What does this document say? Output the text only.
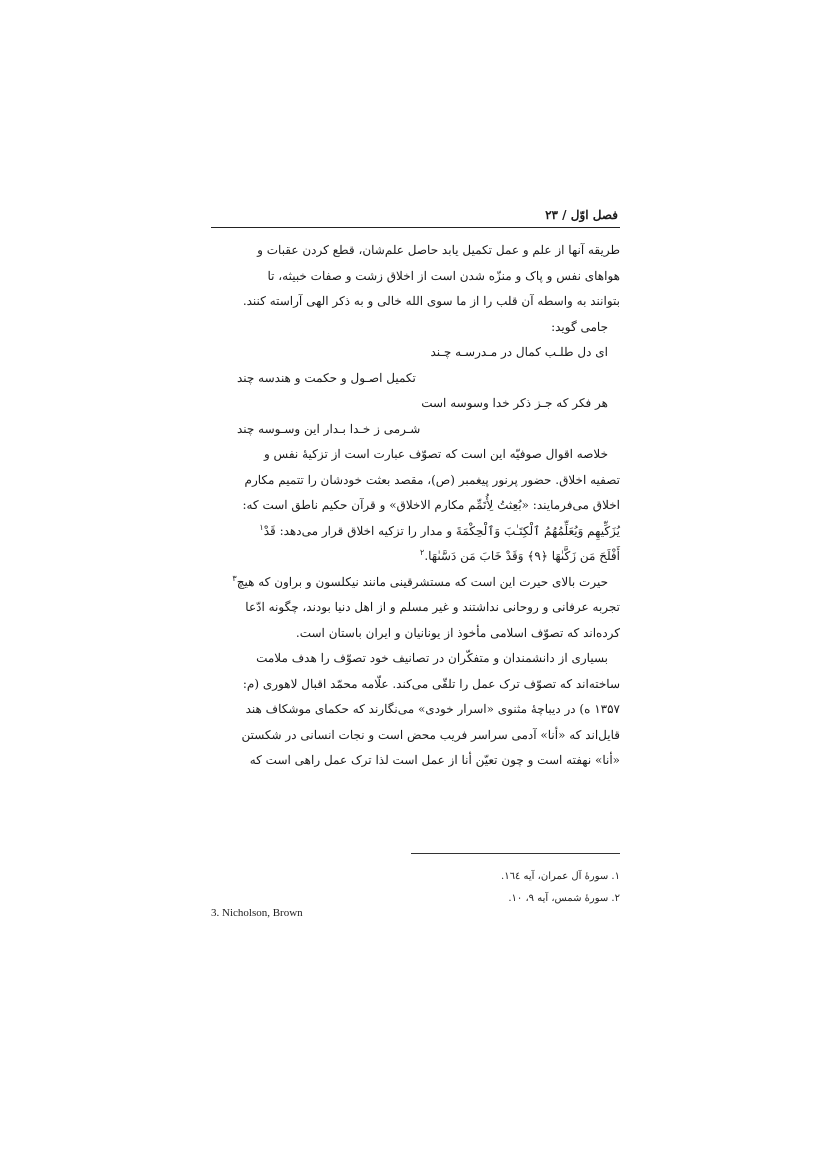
فصل اوّل / ۲۳

طریقه آنها از علم و عمل تکمیل یابد حاصل علم‌شان، قطع کردن عقبات و

هواهای نفس و پاک و منزّه شدن است از اخلاق زشت و صفات خبیثه، تا

بتوانند به واسطه آن قلب را از ما سوی الله خالی و به ذکر الهی آراسته کنند.

جامی گوید:

ای دل طلـب کمال در مـدرسـه چـند

تکمیل اصـول و حکمت و هندسه چند

هر فکر که جـز ذکر خدا وسوسه است

شـرمی ز خـدا بـدار این وسـوسه چند

خلاصه اقوال صوفیّه این است که تصوّف عبارت است از تزکیهٔ نفس و

تصفیه اخلاق. حضور پرنور پیغمبر (ص)، مقصد بعثت خودشان را تتمیم مکارم

اخلاق می‌فرمایند: «بُعِثتُ لِأُتَمِّم مکارم الاخلاق» و قرآن حکیم ناطق است که:

یُزَكِّيهِم وَيُعَلِّمُهُمُ ٱلْكِتَـٰبَ وَٱلْحِكْمَةَ و مدار را تزکیه اخلاق قرار می‌دهد: قَدْ$^۱$

أَفْلَحَ مَن زَكَّىٰهَا ﴿٩﴾ وَقَدْ خَابَ مَن دَسَّىٰهَا.$^۲$

حیرت بالای حیرت این است که مستشرقینی مانند نیکلسون و براون که هیچ$^۳$

تجربه عرفانی و روحانی نداشتند و غیر مسلم و از اهل دنیا بودند، چگونه ادّعا

کرده‌اند که تصوّف اسلامی مأخوذ از یونانیان و ایران باستان است.

بسیاری از دانشمندان و متفکّران در تصانیف خود تصوّف را هدف ملامت

ساخته‌اند که تصوّف ترک عمل را تلقّی می‌کند. علّامه محمّد اقبال لاهوری (م:

۱۳۵۷ ه) در دیباچهٔ مثنوی «اسرار خودی» می‌نگارند که حکمای موشکاف هند

قایل‌اند که «أنا» آدمی سراسر فریب محض است و نجات انسانی در شکستن

«أنا» نهفته است و چون تعیّن أنا از عمل است لذا ترک عمل راهی است که

۱. سورهٔ آل عمران، آیه ۱٦٤.
۲. سورهٔ شمس، آیه ۹، ۱۰.
3. Nicholson, Brown
